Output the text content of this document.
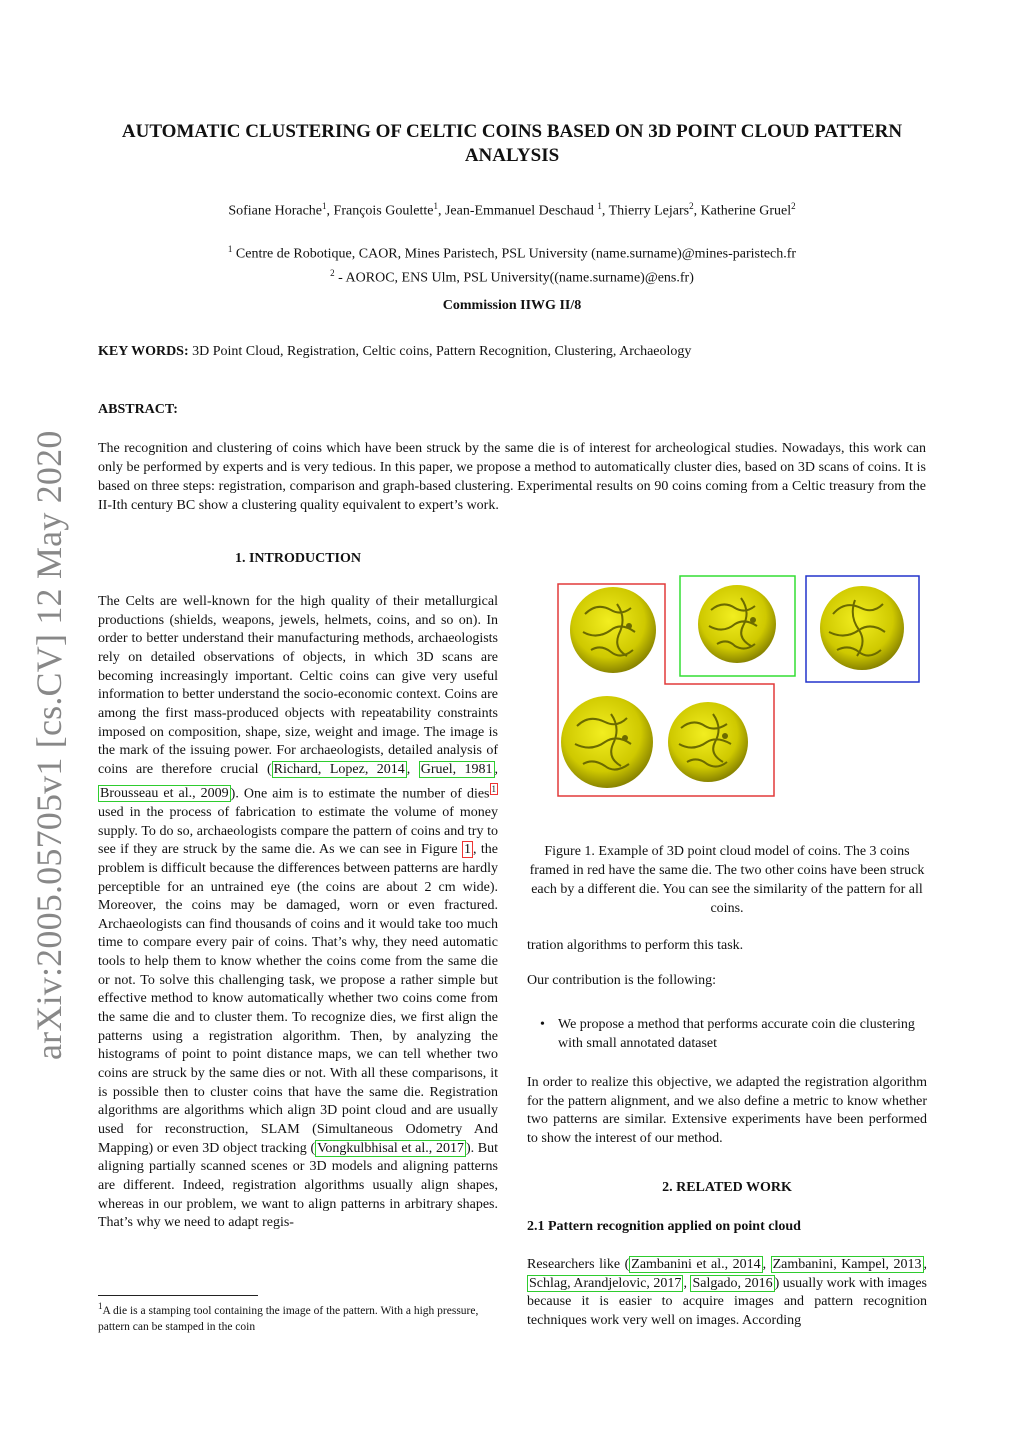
AUTOMATIC CLUSTERING OF CELTIC COINS BASED ON 3D POINT CLOUD PATTERN ANALYSIS
Sofiane Horache$^1$, François Goulette$^1$, Jean-Emmanuel Deschaud $^1$, Thierry Lejars$^2$, Katherine Gruel$^2$
$^1$ Centre de Robotique, CAOR, Mines Paristech, PSL University (name.surname)@mines-paristech.fr
$^2$ - AOROC, ENS Ulm, PSL University((name.surname)@ens.fr)
Commission IIWG II/8
KEY WORDS: 3D Point Cloud, Registration, Celtic coins, Pattern Recognition, Clustering, Archaeology
ABSTRACT:
The recognition and clustering of coins which have been struck by the same die is of interest for archeological studies. Nowadays, this work can only be performed by experts and is very tedious. In this paper, we propose a method to automatically cluster dies, based on 3D scans of coins. It is based on three steps: registration, comparison and graph-based clustering. Experimental results on 90 coins coming from a Celtic treasury from the II-Ith century BC show a clustering quality equivalent to expert’s work.
arXiv:2005.05705v1 [cs.CV] 12 May 2020	1. INTRODUCTION
The Celts are well-known for the high quality of their metallurgical productions (shields, weapons, jewels, helmets, coins, and so on). In order to better understand their manufacturing methods, archaeologists rely on detailed observations of objects, in which 3D scans are becoming increasingly important. Celtic coins can give very useful information to better understand the socio-economic context. Coins are among the first mass-produced objects with repeatability constraints imposed on composition, shape, size, weight and image. The image is the mark of the issuing power. For archaeologists, detailed analysis of coins are therefore crucial ( Richard, Lopez, 2014 , Gruel, 1981 , Brousseau et al., 2009 ). One aim is to estimate the number of dies $^1$ used in the process of fabrication to estimate the volume of money supply. To do so, archaeologists compare the pattern of coins and try to see if they are struck by the same die. As we can see in Figure 1 , the problem is difficult because the differences between patterns are hardly perceptible for an untrained eye (the coins are about 2 cm wide). Moreover, the coins may be damaged, worn or even fractured. Archaeologists can find thousands of coins and it would take too much time to compare every pair of coins. That’s why, they need automatic tools to help them to know whether the coins come from the same die or not. To solve this challenging task, we propose a rather simple but effective method to know automatically whether two coins come from the same die and to cluster them. To recognize dies, we first align the patterns using a registration algorithm. Then, by analyzing the histograms of point to point distance maps, we can tell whether two coins are struck by the same dies or not. With all these comparisons, it is possible then to cluster coins that have the same die. Registration algorithms are algorithms which align 3D point cloud and are usually used for reconstruction, SLAM (Simultaneous Odometry And Mapping) or even 3D object tracking ( Vongkulbhisal et al., 2017 ). But aligning partially scanned scenes or 3D models and aligning patterns are different. Indeed, registration algorithms usually align shapes, whereas in our problem, we want to align patterns in arbitrary shapes. That’s why we need to adapt regis-
$^1$A die is a stamping tool containing the image of the pattern. With a high pressure, pattern can be stamped in the coin
Figure 1. Example of 3D point cloud model of coins. The 3 coins framed in red have the same die. The two other coins have been struck each by a different die. You can see the similarity of the pattern for all coins.
tration algorithms to perform this task.
Our contribution is the following:
• We propose a method that performs accurate coin die clustering with small annotated dataset
In order to realize this objective, we adapted the registration algorithm for the pattern alignment, and we also define a metric to know whether two patterns are similar. Extensive experiments have been performed to show the interest of our method.
2. RELATED WORK
2.1 Pattern recognition applied on point cloud
Researchers like ( Zambanini et al., 2014 , Zambanini, Kampel, 2013 , Schlag, Arandjelovic, 2017 , Salgado, 2016 ) usually work with images because it is easier to acquire images and pattern recognition techniques work very well on images. According
